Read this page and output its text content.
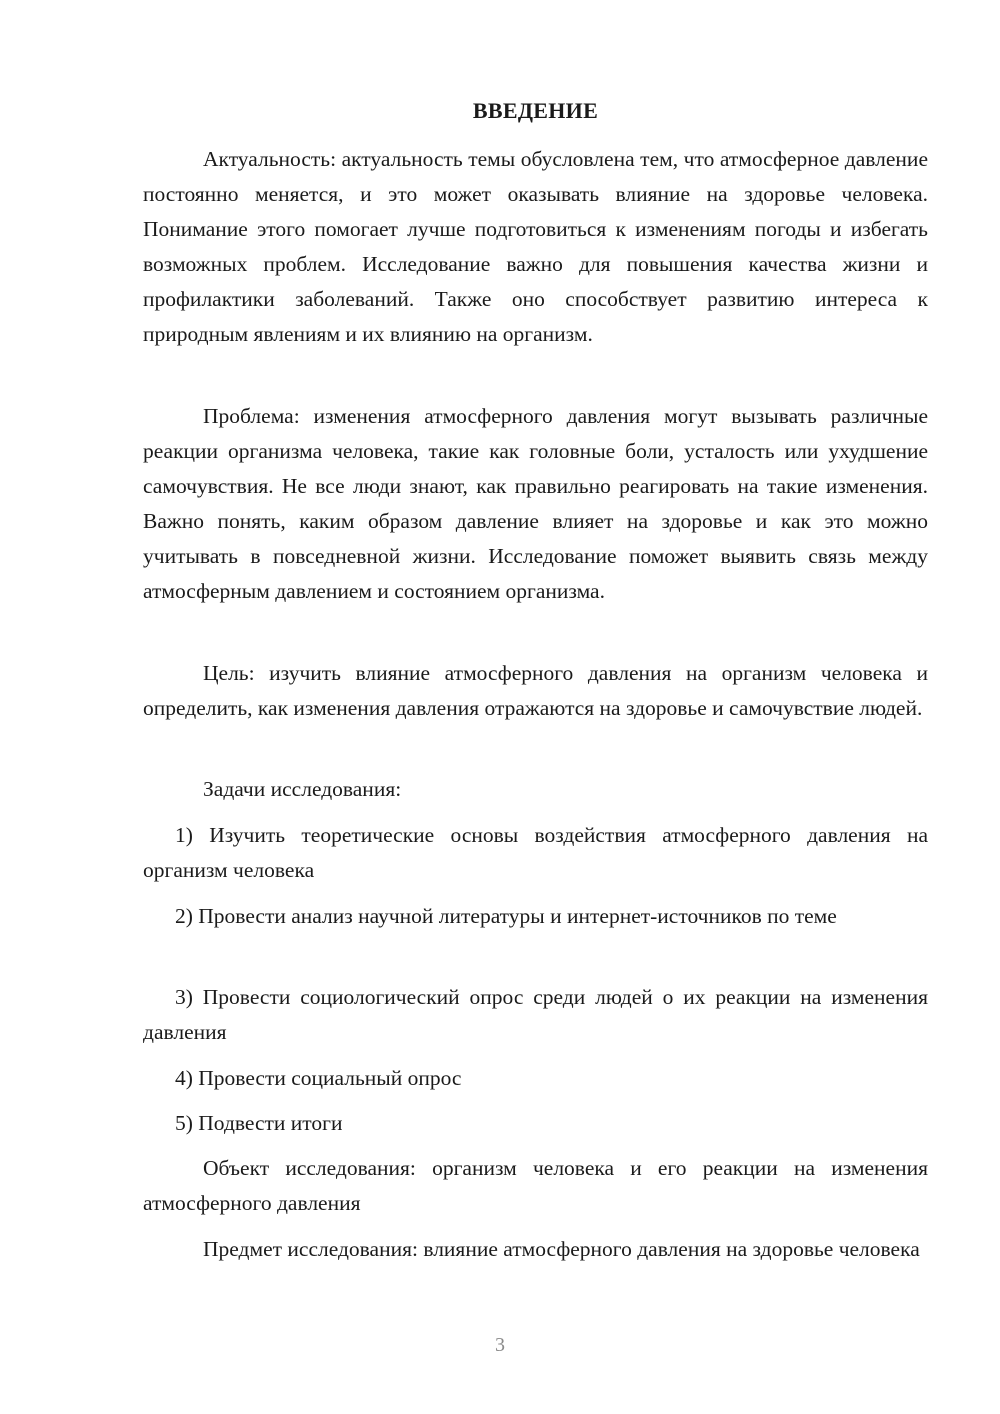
ВВЕДЕНИЕ

Актуальность: актуальность темы обусловлена тем, что атмосферное давление постоянно меняется, и это может оказывать влияние на здоровье человека. Понимание этого помогает лучше подготовиться к изменениям погоды и избегать возможных проблем. Исследование важно для повышения качества жизни и профилактики заболеваний. Также оно способствует развитию интереса к природным явлениям и их влиянию на организм.

Проблема: изменения атмосферного давления могут вызывать различные реакции организма человека, такие как головные боли, усталость или ухудшение самочувствия. Не все люди знают, как правильно реагировать на такие изменения. Важно понять, каким образом давление влияет на здоровье и как это можно учитывать в повседневной жизни. Исследование поможет выявить связь между атмосферным давлением и состоянием организма.

Цель: изучить влияние атмосферного давления на организм человека и определить, как изменения давления отражаются на здоровье и самочувствие людей.

Задачи исследования:

1) Изучить теоретические основы воздействия атмосферного давления на организм человека

2) Провести анализ научной литературы и интернет-источников по теме

3) Провести социологический опрос среди людей о их реакции на изменения давления

4) Провести социальный опрос

5) Подвести итоги

Объект исследования: организм человека и его реакции на изменения атмосферного давления

Предмет исследования: влияние атмосферного давления на здоровье человека

3
